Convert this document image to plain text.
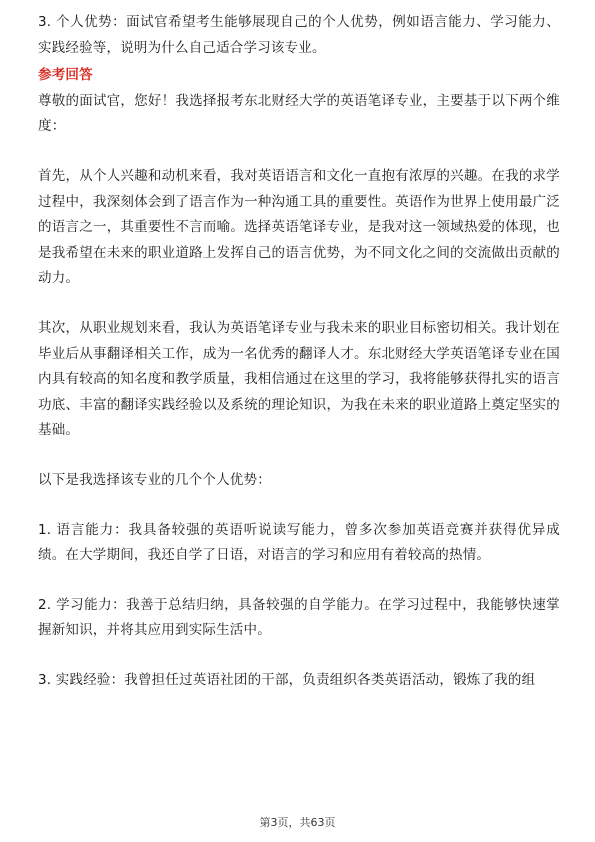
3. 个人优势：面试官希望考生能够展现自己的个人优势，例如语言能力、学习能力、实践经验等，说明为什么自己适合学习该专业。

参考回答

尊敬的面试官，您好！我选择报考东北财经大学的英语笔译专业，主要基于以下两个维度：

首先，从个人兴趣和动机来看，我对英语语言和文化一直抱有浓厚的兴趣。在我的求学过程中，我深刻体会到了语言作为一种沟通工具的重要性。英语作为世界上使用最广泛的语言之一，其重要性不言而喻。选择英语笔译专业，是我对这一领域热爱的体现，也是我希望在未来的职业道路上发挥自己的语言优势，为不同文化之间的交流做出贡献的动力。

其次，从职业规划来看，我认为英语笔译专业与我未来的职业目标密切相关。我计划在毕业后从事翻译相关工作，成为一名优秀的翻译人才。东北财经大学英语笔译专业在国内具有较高的知名度和教学质量，我相信通过在这里的学习，我将能够获得扎实的语言功底、丰富的翻译实践经验以及系统的理论知识，为我在未来的职业道路上奠定坚实的基础。

以下是我选择该专业的几个个人优势：

1. 语言能力：我具备较强的英语听说读写能力，曾多次参加英语竞赛并获得优异成绩。在大学期间，我还自学了日语，对语言的学习和应用有着较高的热情。

2. 学习能力：我善于总结归纳，具备较强的自学能力。在学习过程中，我能够快速掌握新知识，并将其应用到实际生活中。

3. 实践经验：我曾担任过英语社团的干部，负责组织各类英语活动，锻炼了我的组

第3页，共63页
